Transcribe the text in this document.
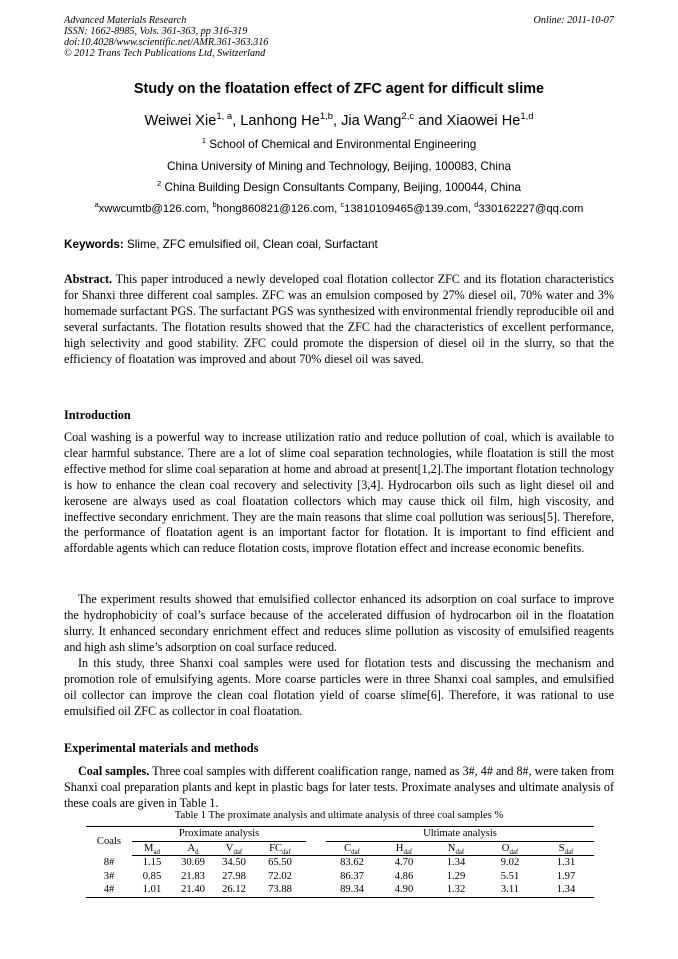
Advanced Materials Research
ISSN: 1662-8985, Vols. 361-363, pp 316-319
doi:10.4028/www.scientific.net/AMR.361-363.316
© 2012 Trans Tech Publications Ltd, Switzerland
Online: 2011-10-07
Study on the floatation effect of ZFC agent for difficult slime
Weiwei Xie$^{1, a}$, Lanhong He$^{1,b}$, Jia Wang$^{2,c}$ and Xiaowei He$^{1,d}$
$^1$ School of Chemical and Environmental Engineering
China University of Mining and Technology, Beijing, 100083, China
$^2$ China Building Design Consultants Company, Beijing, 100044, China
$^a$xwwcumtb@126.com, $^b$hong860821@126.com, $^c$13810109465@139.com, $^d$330162227@qq.com
Keywords: Slime, ZFC emulsified oil, Clean coal, Surfactant
Abstract. This paper introduced a newly developed coal flotation collector ZFC and its flotation characteristics for Shanxi three different coal samples. ZFC was an emulsion composed by 27% diesel oil, 70% water and 3% homemade surfactant PGS. The surfactant PGS was synthesized with environmental friendly reproducible oil and several surfactants. The flotation results showed that the ZFC had the characteristics of excellent performance, high selectivity and good stability. ZFC could promote the dispersion of diesel oil in the slurry, so that the efficiency of floatation was improved and about 70% diesel oil was saved.
Introduction
Coal washing is a powerful way to increase utilization ratio and reduce pollution of coal, which is available to clear harmful substance. There are a lot of slime coal separation technologies, while floatation is still the most effective method for slime coal separation at home and abroad at present[1,2].The important flotation technology is how to enhance the clean coal recovery and selectivity [3,4]. Hydrocarbon oils such as light diesel oil and kerosene are always used as coal floatation collectors which may cause thick oil film, high viscosity, and ineffective secondary enrichment. They are the main reasons that slime coal pollution was serious[5]. Therefore, the performance of floatation agent is an important factor for flotation. It is important to find efficient and affordable agents which can reduce flotation costs, improve flotation effect and increase economic benefits.
The experiment results showed that emulsified collector enhanced its adsorption on coal surface to improve the hydrophobicity of coal’s surface because of the accelerated diffusion of hydrocarbon oil in the floatation slurry. It enhanced secondary enrichment effect and reduces slime pollution as viscosity of emulsified reagents and high ash slime’s adsorption on coal surface reduced.
In this study, three Shanxi coal samples were used for flotation tests and discussing the mechanism and promotion role of emulsifying agents. More coarse particles were in three Shanxi coal samples, and emulsified oil collector can improve the clean coal flotation yield of coarse slime[6]. Therefore, it was rational to use emulsified oil ZFC as collector in coal floatation.
Experimental materials and methods
Coal samples. Three coal samples with different coalification range, named as 3#, 4# and 8#, were taken from Shanxi coal preparation plants and kept in plastic bags for later tests. Proximate analyses and ultimate analysis of these coals are given in Table 1.
Table 1 The proximate analysis and ultimate analysis of three coal samples %
Coals	Proximate analysis					Ultimate analysis				
	$M_{ad}$	$A_d$	$V_{daf}$	$FC_{daf}$		$C_{daf}$	$H_{daf}$	$N_{daf}$	$O_{daf}$	$S_{daf}$
8#	1.15	30.69	34.50	65.50		83.62	4.70	1.34	9.02	1.31
3#	0.85	21.83	27.98	72.02		86.37	4.86	1.29	5.51	1.97
4#	1.01	21.40	26.12	73.88		89.34	4.90	1.32	3.11	1.34
